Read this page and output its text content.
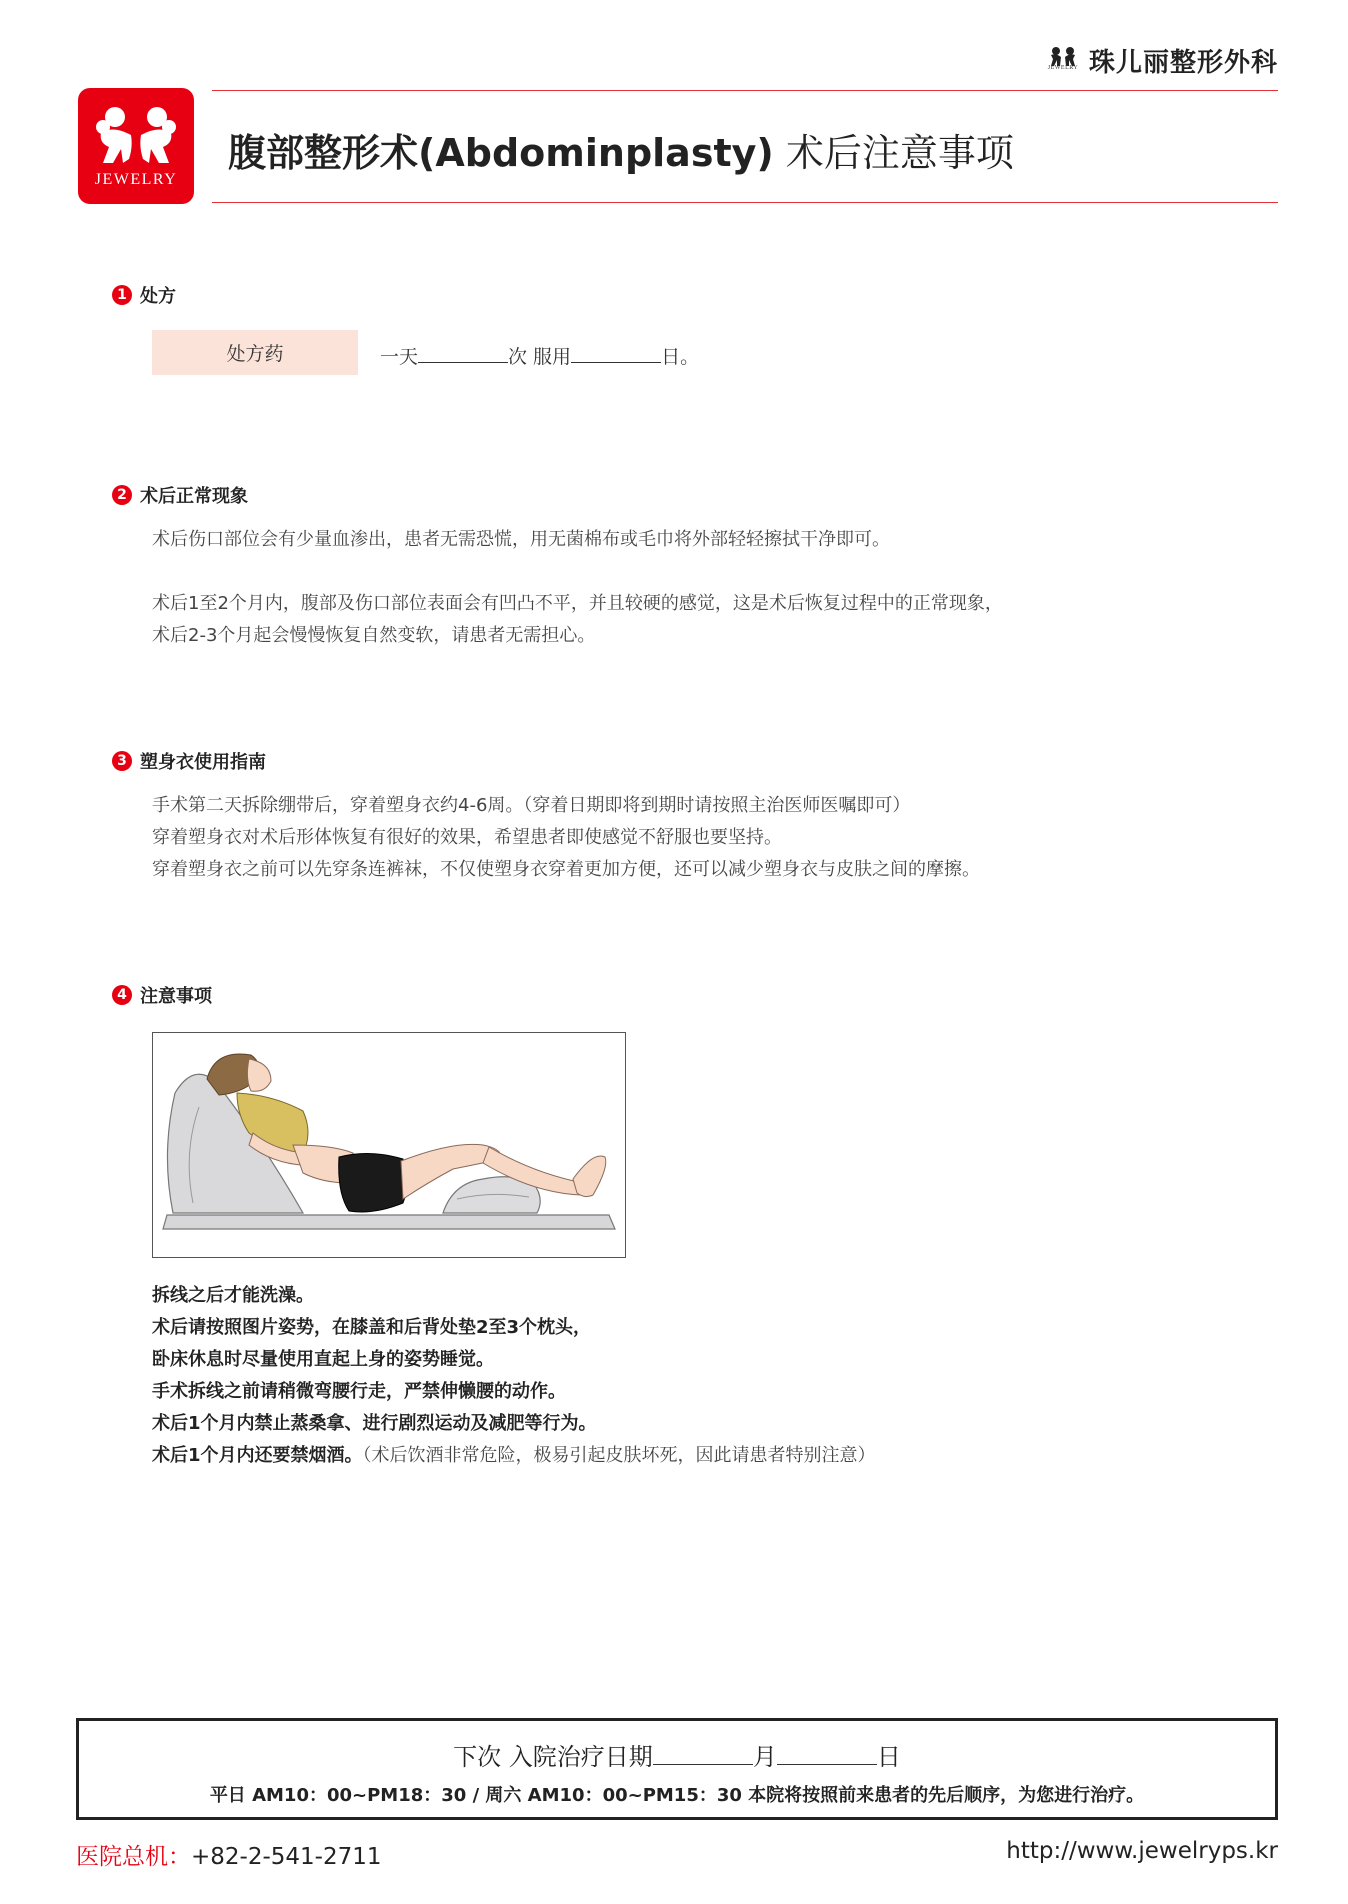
JEWELRY 珠儿丽整形外科
JEWELRY
腹部整形术(Abdominplasty) 术后注意事项
1 处方
处方药	一天	次 服用	日。
2 术后正常现象
术后伤口部位会有少量血渗出，患者无需恐慌，用无菌棉布或毛巾将外部轻轻擦拭干净即可。
术后1至2个月内，腹部及伤口部位表面会有凹凸不平，并且较硬的感觉，这是术后恢复过程中的正常现象，
术后2-3个月起会慢慢恢复自然变软，请患者无需担心。
3 塑身衣使用指南
手术第二天拆除绷带后，穿着塑身衣约4-6周。（穿着日期即将到期时请按照主治医师医嘱即可）
穿着塑身衣对术后形体恢复有很好的效果，希望患者即使感觉不舒服也要坚持。
穿着塑身衣之前可以先穿条连裤袜，不仅使塑身衣穿着更加方便，还可以减少塑身衣与皮肤之间的摩擦。
4 注意事项
拆线之后才能洗澡。
术后请按照图片姿势，在膝盖和后背处垫2至3个枕头，
卧床休息时尽量使用直起上身的姿势睡觉。
手术拆线之前请稍微弯腰行走，严禁伸懒腰的动作。
术后1个月内禁止蒸桑拿、进行剧烈运动及减肥等行为。
术后1个月内还要禁烟酒。（术后饮酒非常危险，极易引起皮肤坏死，因此请患者特别注意）
下次 入院治疗日期	月	日
平日 AM10：00~PM18：30 / 周六 AM10：00~PM15：30 本院将按照前来患者的先后顺序，为您进行治疗。
医院总机：+82-2-541-2711	http://www.jewelryps.kr
